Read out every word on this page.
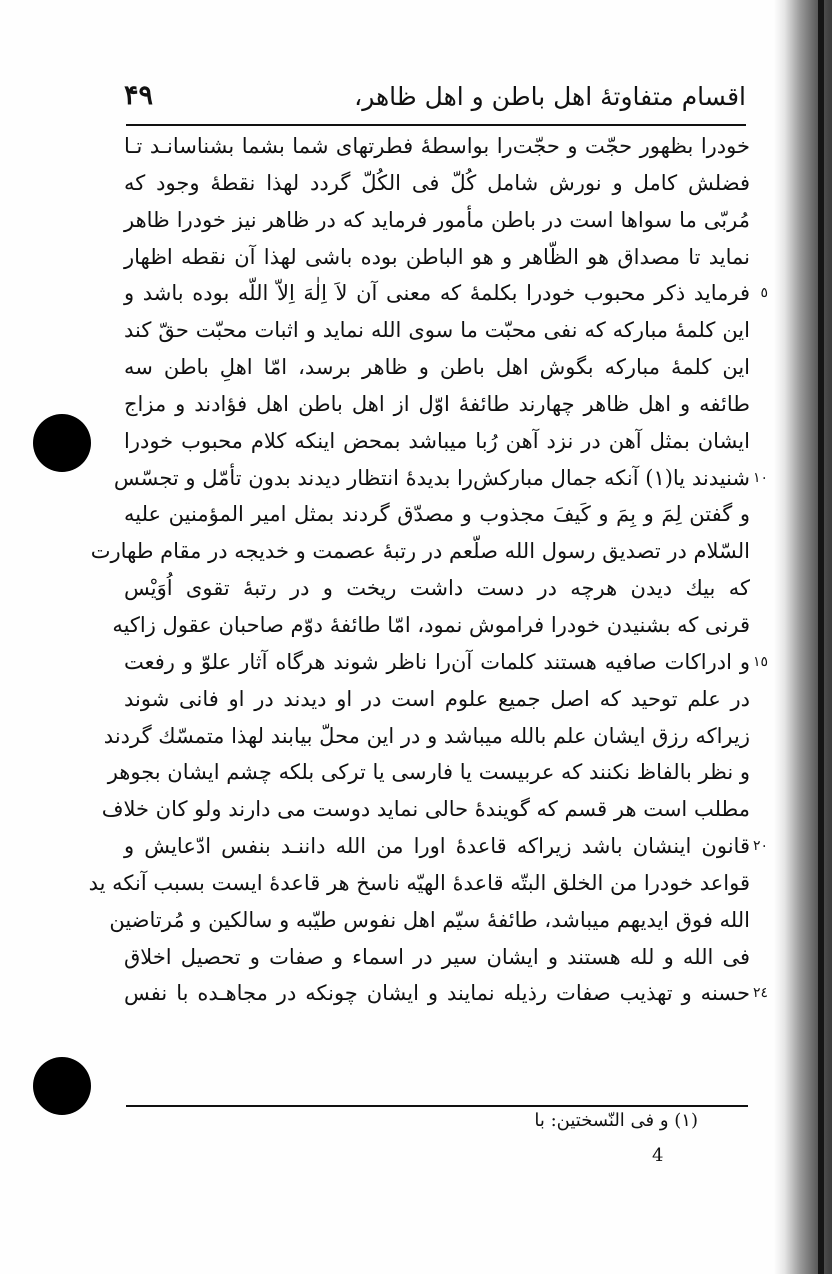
اقسام متفاوتهٔ اهل باطن و اهل ظاهر،
۴۹
خودرا بظهور حجّت و حجّت‌را بواسطهٔ فطرتهای شما بشما بشناسانـد تـا
فضلش کامل و نورش شامل کُلّ فی الکُلّ گردد لهذا نقطهٔ وجود که
مُربّی ما سواها است در باطن مأمور فرماید که در ظاهر نیز خودرا ظاهر
نماید تا مصداق هو الظّاهر و هو الباطن بوده باشی لهذا آن نقطه اظهار
٥
فرماید ذکر محبوب خودرا بکلمهٔ که معنی آن لاَ اِلٰهَ اِلاّ اللّه بوده باشد و
این کلمهٔ مبارکه که نفی محبّت ما سوی الله نماید و اثبات محبّت حقّ کند
این کلمهٔ مبارکه بگوش اهل باطن و ظاهر برسد، امّا اهلِ باطن سه
طائفه و اهل ظاهر چهارند طائفهٔ اوّل از اهل باطن اهل فؤادند و مزاج
ایشان بمثل آهن در نزد آهن رُبا میباشد بمحض اینکه کلام محبوب خودرا
١٠
شنیدند یا(۱) آنکه جمال مبارکش‌را بدیدهٔ انتظار دیدند بدون تأمّل و تجسّس
و گفتن لِمَ و بِمَ و کَیفَ مجذوب و مصدّق گردند بمثل امیر المؤمنین علیه
السّلام در تصدیق رسول الله صلّعم در رتبهٔ عصمت و خدیجه در مقام طهارت
که بیك دیدن هرچه در دست داشت ریخت و در رتبهٔ تقوی اُوَیْس
قرنی که بشنیدن خودرا فراموش نمود، امّا طائفهٔ دوّم صاحبان عقول زاکیه
١٥
و ادراکات صافیه هستند کلمات آن‌را ناظر شوند هرگاه آثار علوّ و رفعت
در علم توحید که اصل جمیع علوم است در او دیدند در او فانی شوند
زیراکه رزق ایشان علم بالله میباشد و در این محلّ بیابند لهذا متمسّك گردند
و نظر بالفاظ نکنند که عربیست یا فارسی یا ترکی بلکه چشم ایشان بجوهر
مطلب است هر قسم که گویندهٔ حالی نماید دوست می دارند ولو کان خلاف
٢٠
قانون اینشان باشد زیراکه قاعدهٔ اورا من الله داننـد بنفس ادّعایش و
قواعد خودرا من الخلق البتّه قاعدهٔ الهیّه ناسخ هر قاعدهٔ ایست بسبب آنکه ید
الله فوق ایدیهم میباشد، طائفهٔ سیّم اهل نفوس طیّبه و سالکین و مُرتاضین
فی الله و لله هستند و ایشان سیر در اسماء و صفات و تحصیل اخلاق
٢٤
حسنه و تهذیب صفات رذیله نمایند و ایشان چونکه در مجاهـده با نفس
(۱) و فی النّسختین: با
4
